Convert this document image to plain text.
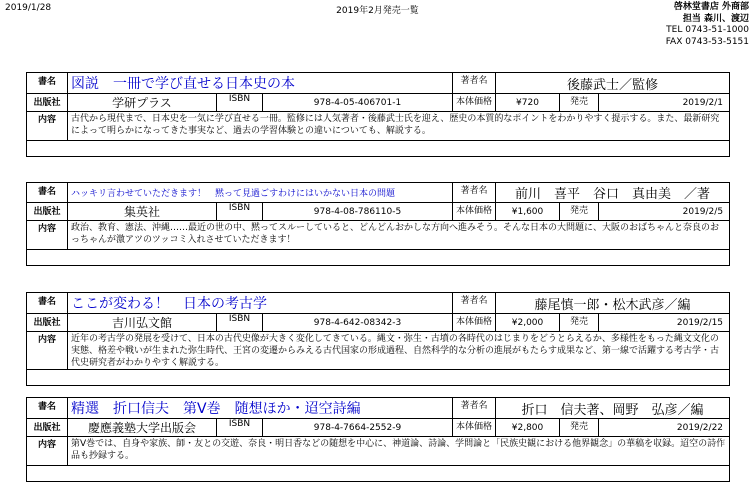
2019/1/28	2019年2月発売一覧	啓林堂書店 外商部
担当 森川、渡辺
TEL 0743-51-1000
FAX 0743-53-5151
書名	図説　一冊で学び直せる日本史の本			著者名	後藤武士／監修		
出版社	学研プラス	ISBN	978-4-05-406701-1	本体価格	¥720	発売	2019/2/1
内容	古代から現代まで、日本史を一気に学び直せる一冊。監修には人気著者・後藤武士氏を迎え、歴史の本質的なポイントをわかりやすく提示する。また、最新研究によって明らかになってきた事実など、過去の学習体験との違いについても、解説する。						

書名	ハッキリ言わせていただきます！　黙って見過ごすわけにはいかない日本の問題			著者名	前川　喜平　谷口　真由美　／著		
出版社	集英社	ISBN	978-4-08-786110-5	本体価格	¥1,600	発売	2019/2/5
内容	政治、教育、憲法、沖縄……最近の世の中、黙ってスルーしていると、どんどんおかしな方向へ進みそう。そんな日本の大問題に、大阪のおばちゃんと奈良のおっちゃんが激アツのツッコミ入れさせていただきます！						

書名	ここが変わる！　日本の考古学			著者名	藤尾慎一郎・松木武彦／編		
出版社	吉川弘文館	ISBN	978-4-642-08342-3	本体価格	¥2,000	発売	2019/2/15
内容	近年の考古学の発展を受けて、日本の古代史像が大きく変化してきている。縄文・弥生・古墳の各時代のはじまりをどうとらえるか、多様性をもった縄文文化の実態、格差や戦いが生まれた弥生時代、王宮の変遷からみえる古代国家の形成過程、自然科学的な分析の進展がもたらす成果など、第一線で活躍する考古学・古代史研究者がわかりやすく解説する。						

書名	精選　折口信夫　第Ⅴ巻　随想ほか・迢空詩編			著者名	折口　信夫著、岡野　弘彦／編		
出版社	慶應義塾大学出版会	ISBN	978-4-7664-2552-9	本体価格	¥2,800	発売	2019/2/22
内容	第Ⅴ巻では、自身や家族、師・友との交遊、奈良・明日香などの随想を中心に、神道論、詩論、学問論と「民族史観における他界観念」の華稿を収録。迢空の詩作品も抄録する。						
